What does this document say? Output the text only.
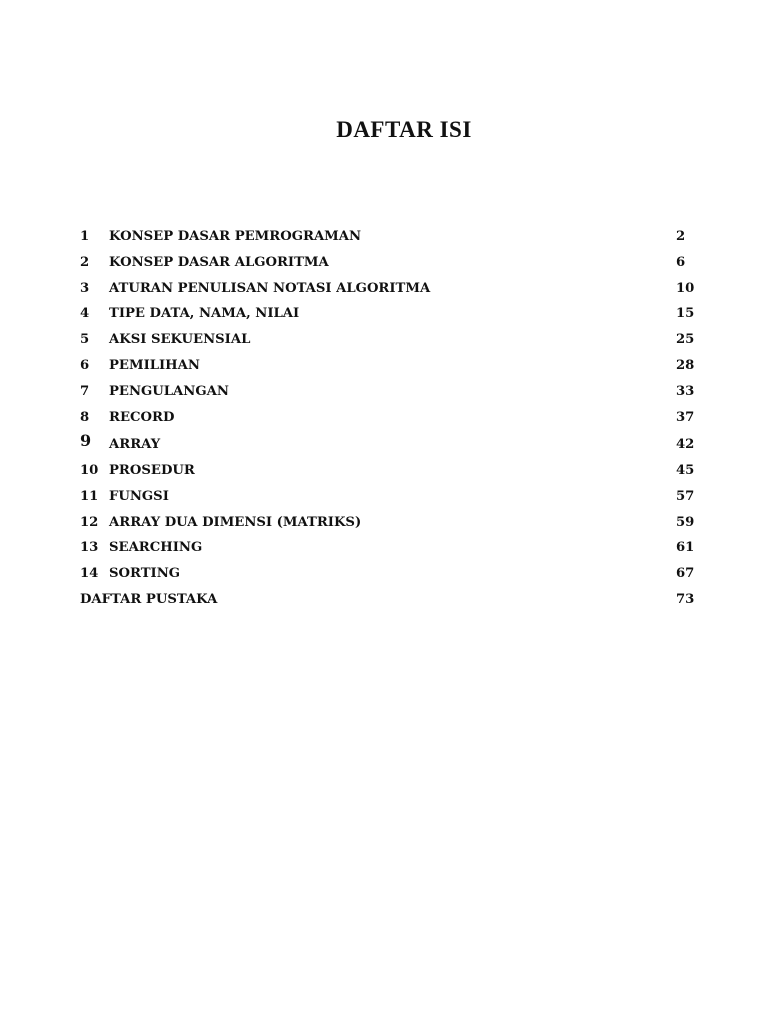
DAFTAR ISI
1 KONSEP DASAR PEMROGRAMAN	2
2 KONSEP DASAR ALGORITMA	6
3 ATURAN PENULISAN NOTASI ALGORITMA	10
4 TIPE DATA, NAMA, NILAI	15
5 AKSI SEKUENSIAL	25
6 PEMILIHAN	28
7 PENGULANGAN	33
8 RECORD	37
9 ARRAY	42
10 PROSEDUR	45
11 FUNGSI	57
12 ARRAY DUA DIMENSI (MATRIKS)	59
13 SEARCHING	61
14 SORTING	67
DAFTAR PUSTAKA	73
